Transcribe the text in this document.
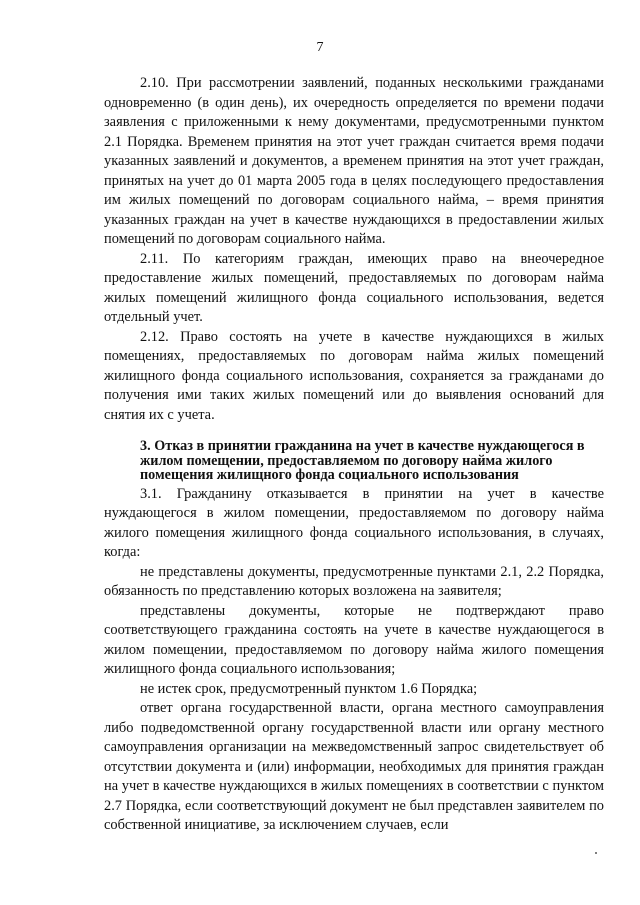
7

2.10. При рассмотрении заявлений, поданных несколькими гражданами одновременно (в один день), их очередность определяется по времени подачи заявления с приложенными к нему документами, предусмотренными пунктом 2.1 Порядка. Временем принятия на этот учет граждан считается время подачи указанных заявлений и документов, а временем принятия на этот учет граждан, принятых на учет до 01 марта 2005 года в целях последующего предоставления им жилых помещений по договорам социального найма, – время принятия указанных граждан на учет в качестве нуждающихся в предоставлении жилых помещений по договорам социального найма.

2.11. По категориям граждан, имеющих право на внеочередное предоставление жилых помещений, предоставляемых по договорам найма жилых помещений жилищного фонда социального использования, ведется отдельный учет.

2.12. Право состоять на учете в качестве нуждающихся в жилых помещениях, предоставляемых по договорам найма жилых помещений жилищного фонда социального использования, сохраняется за гражданами до получения ими таких жилых помещений или до выявления оснований для снятия их с учета.

3. Отказ в принятии гражданина на учет в качестве нуждающегося в жилом помещении, предоставляемом по договору найма жилого помещения жилищного фонда социального использования

3.1. Гражданину отказывается в принятии на учет в качестве нуждающегося в жилом помещении, предоставляемом по договору найма жилого помещения жилищного фонда социального использования, в случаях, когда:

не представлены документы, предусмотренные пунктами 2.1, 2.2 Порядка, обязанность по представлению которых возложена на заявителя;

представлены документы, которые не подтверждают право соответствующего гражданина состоять на учете в качестве нуждающегося в жилом помещении, предоставляемом по договору найма жилого помещения жилищного фонда социального использования;

не истек срок, предусмотренный пунктом 1.6 Порядка;

ответ органа государственной власти, органа местного самоуправления либо подведомственной органу государственной власти или органу местного самоуправления организации на межведомственный запрос свидетельствует об отсутствии документа и (или) информации, необходимых для принятия граждан на учет в качестве нуждающихся в жилых помещениях в соответствии с пунктом 2.7 Порядка, если соответствующий документ не был представлен заявителем по собственной инициативе, за исключением случаев, если
